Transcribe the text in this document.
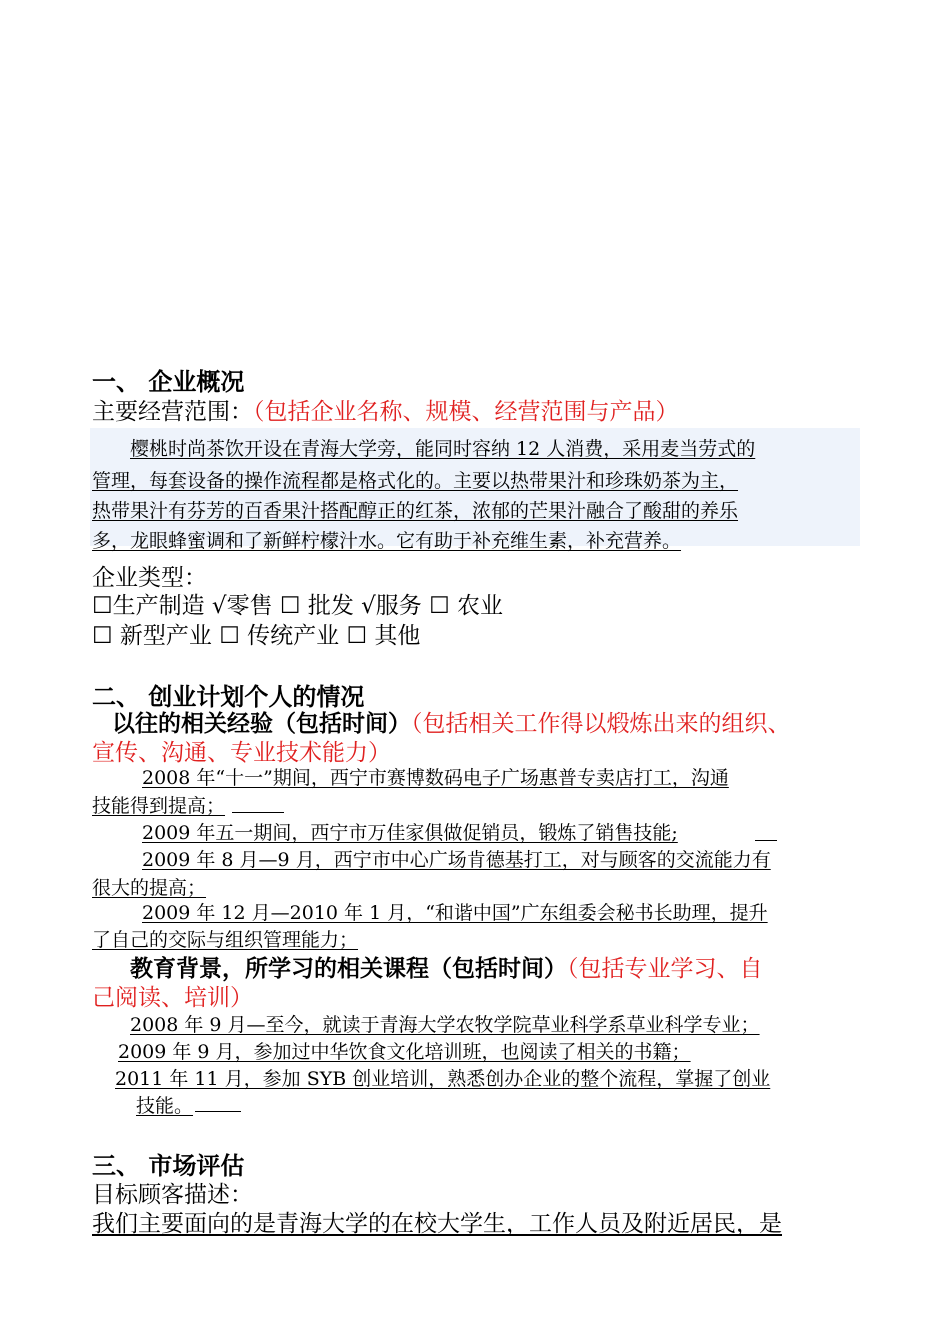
一、 企业概况
主要经营范围：（包括企业名称、规模、经营范围与产品）
樱桃时尚茶饮开设在青海大学旁，能同时容纳 12 人消费，采用麦当劳式的
管理，每套设备的操作流程都是格式化的。主要以热带果汁和珍珠奶茶为主，
热带果汁有芬芳的百香果汁搭配醇正的红茶，浓郁的芒果汁融合了酸甜的养乐
多，龙眼蜂蜜调和了新鲜柠檬汁水。它有助于补充维生素，补充营养。
企业类型：
☐生产制造 √零售 ☐ 批发 √服务 ☐ 农业
☐ 新型产业 ☐ 传统产业 ☐ 其他
二、 创业计划个人的情况
以往的相关经验（包括时间）（包括相关工作得以煅炼出来的组织、
宣传、沟通、专业技术能力）
2008 年“十一”期间，西宁市赛博数码电子广场惠普专卖店打工，沟通
技能得到提高；
2009 年五一期间，西宁市万佳家俱做促销员，锻炼了销售技能;
2009 年 8 月—9 月，西宁市中心广场肯德基打工，对与顾客的交流能力有
很大的提高；
2009 年 12 月—2010 年 1 月，“和谐中国”广东组委会秘书长助理，提升
了自己的交际与组织管理能力；
教育背景，所学习的相关课程（包括时间）（包括专业学习、自
己阅读、培训）
2008 年 9 月—至今，就读于青海大学农牧学院草业科学系草业科学专业；
2009 年 9 月，参加过中华饮食文化培训班，也阅读了相关的书籍；
2011 年 11 月，参加 SYB 创业培训，熟悉创办企业的整个流程，掌握了创业
技能。
三、 市场评估
目标顾客描述：
我们主要面向的是青海大学的在校大学生，工作人员及附近居民，是
